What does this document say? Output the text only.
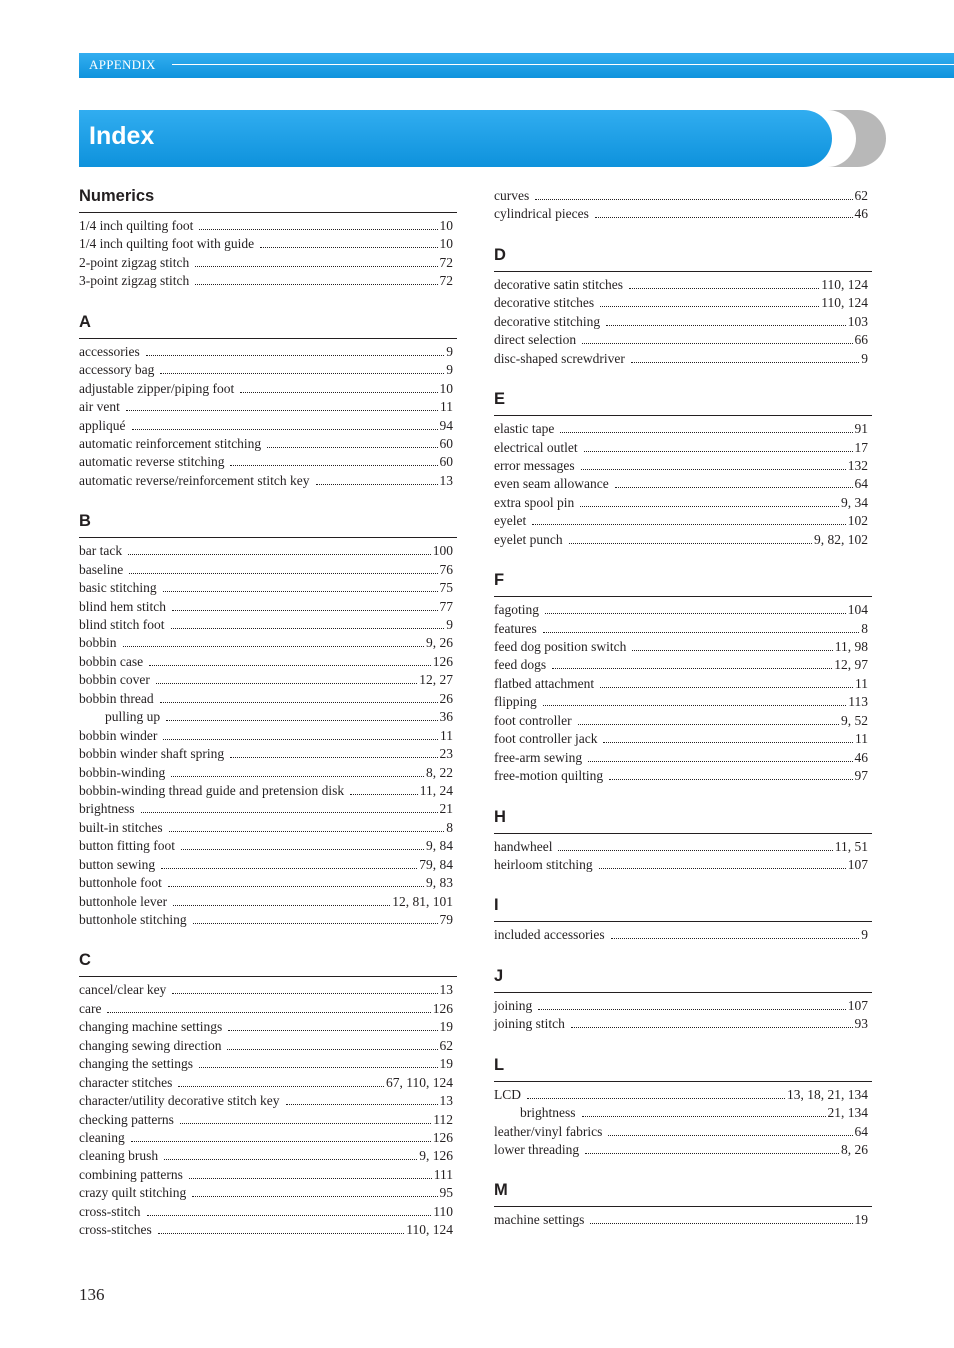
APPENDIX
Index
Numerics
1/4 inch quilting foot	10
1/4 inch quilting foot with guide	10
2-point zigzag stitch	72
3-point zigzag stitch	72
A
accessories	9
accessory bag	9
adjustable zipper/piping foot	10
air vent	11
appliqué	94
automatic reinforcement stitching	60
automatic reverse stitching	60
automatic reverse/reinforcement stitch key	13
B
bar tack	100
baseline	76
basic stitching	75
blind hem stitch	77
blind stitch foot	9
bobbin	9, 26
bobbin case	126
bobbin cover	12, 27
bobbin thread	26
pulling up	36
bobbin winder	11
bobbin winder shaft spring	23
bobbin-winding	8, 22
bobbin-winding thread guide and pretension disk	11, 24
brightness	21
built-in stitches	8
button fitting foot	9, 84
button sewing	79, 84
buttonhole foot	9, 83
buttonhole lever	12, 81, 101
buttonhole stitching	79
C
cancel/clear key	13
care	126
changing machine settings	19
changing sewing direction	62
changing the settings	19
character stitches	67, 110, 124
character/utility decorative stitch key	13
checking patterns	112
cleaning	126
cleaning brush	9, 126
combining patterns	111
crazy quilt stitching	95
cross-stitch	110
cross-stitches	110, 124
curves	62
cylindrical pieces	46
D
decorative satin stitches	110, 124
decorative stitches	110, 124
decorative stitching	103
direct selection	66
disc-shaped screwdriver	9
E
elastic tape	91
electrical outlet	17
error messages	132
even seam allowance	64
extra spool pin	9, 34
eyelet	102
eyelet punch	9, 82, 102
F
fagoting	104
features	8
feed dog position switch	11, 98
feed dogs	12, 97
flatbed attachment	11
flipping	113
foot controller	9, 52
foot controller jack	11
free-arm sewing	46
free-motion quilting	97
H
handwheel	11, 51
heirloom stitching	107
I
included accessories	9
J
joining	107
joining stitch	93
L
LCD	13, 18, 21, 134
brightness	21, 134
leather/vinyl fabrics	64
lower threading	8, 26
M
machine settings	19
136
